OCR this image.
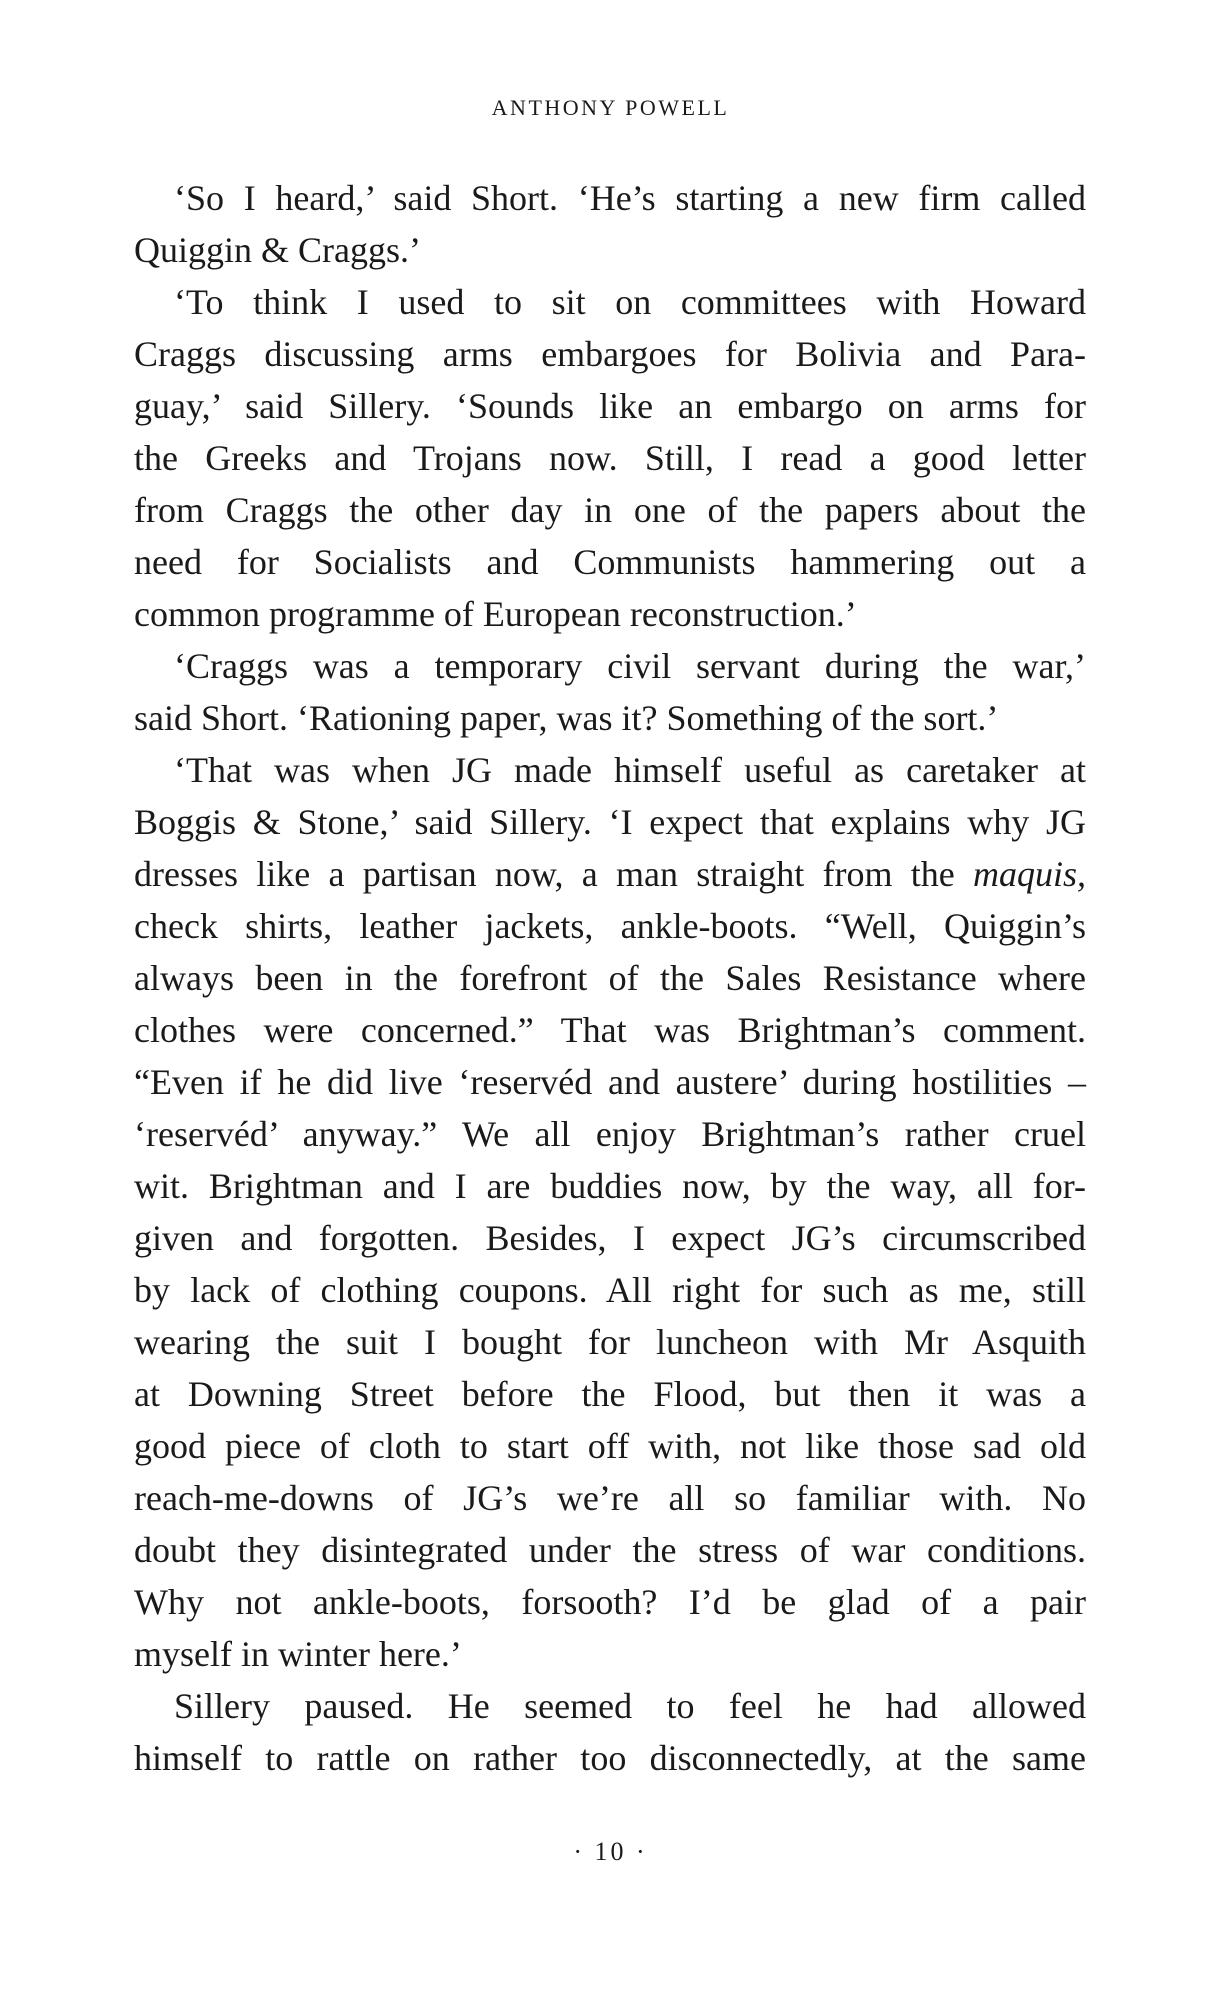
ANTHONY POWELL
‘So I heard,’ said Short. ‘He’s starting a new firm called
Quiggin & Craggs.’
‘To think I used to sit on committees with Howard
Craggs discussing arms embargoes for Bolivia and Para-
guay,’ said Sillery. ‘Sounds like an embargo on arms for
the Greeks and Trojans now. Still, I read a good letter
from Craggs the other day in one of the papers about the
need for Socialists and Communists hammering out a
common programme of European reconstruction.’
‘Craggs was a temporary civil servant during the war,’
said Short. ‘Rationing paper, was it? Something of the sort.’
‘That was when JG made himself useful as caretaker at
Boggis & Stone,’ said Sillery. ‘I expect that explains why JG
dresses like a partisan now, a man straight from the maquis,
check shirts, leather jackets, ankle-boots. “Well, Quiggin’s
always been in the forefront of the Sales Resistance where
clothes were concerned.” That was Brightman’s comment.
“Even if he did live ‘reservéd and austere’ during hostilities –
‘reservéd’ anyway.” We all enjoy Brightman’s rather cruel
wit. Brightman and I are buddies now, by the way, all for-
given and forgotten. Besides, I expect JG’s circumscribed
by lack of clothing coupons. All right for such as me, still
wearing the suit I bought for luncheon with Mr Asquith
at Downing Street before the Flood, but then it was a
good piece of cloth to start off with, not like those sad old
reach-me-downs of JG’s we’re all so familiar with. No
doubt they disintegrated under the stress of war conditions.
Why not ankle-boots, forsooth? I’d be glad of a pair
myself in winter here.’
Sillery paused. He seemed to feel he had allowed
himself to rattle on rather too disconnectedly, at the same
· 10 ·
